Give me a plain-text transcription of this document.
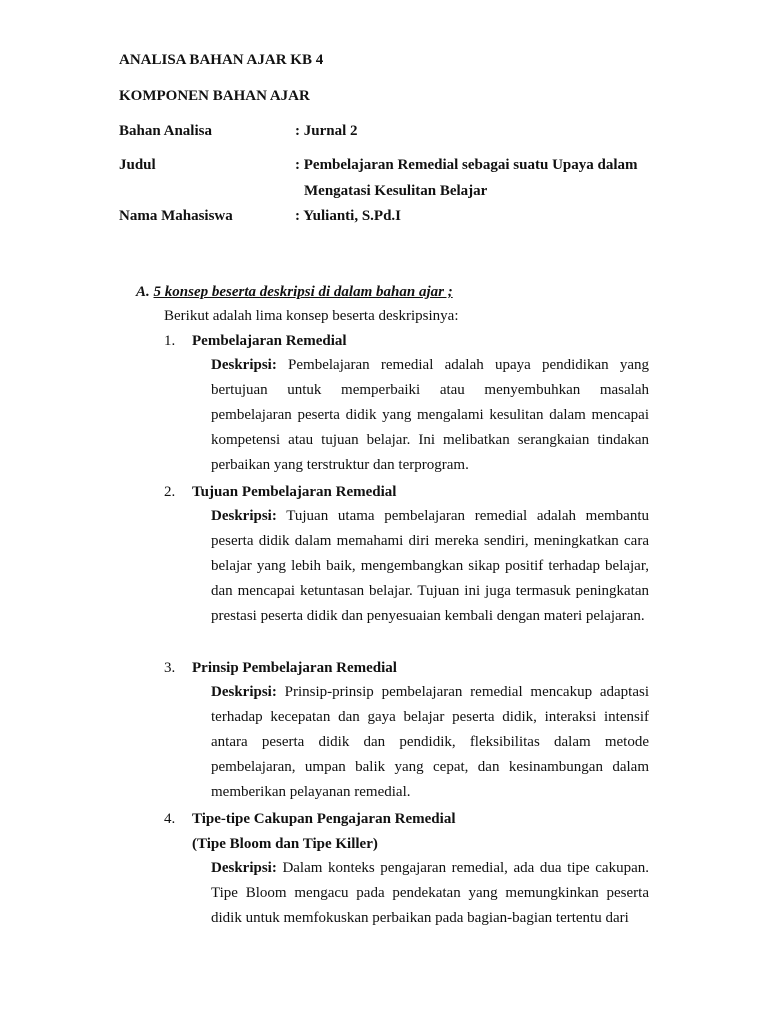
ANALISA BAHAN AJAR KB 4
KOMPONEN BAHAN AJAR
Bahan Analisa	: Jurnal 2
Judul	: Pembelajaran Remedial sebagai suatu Upaya dalam
Mengatasi Kesulitan Belajar
Nama Mahasiswa	: Yulianti, S.Pd.I
A. 5 konsep beserta deskripsi di dalam bahan ajar ;
Berikut adalah lima konsep beserta deskripsinya:
1. Pembelajaran Remedial
Deskripsi: Pembelajaran remedial adalah upaya pendidikan yang bertujuan untuk memperbaiki atau menyembuhkan masalah pembelajaran peserta didik yang mengalami kesulitan dalam mencapai kompetensi atau tujuan belajar. Ini melibatkan serangkaian tindakan perbaikan yang terstruktur dan terprogram.
2. Tujuan Pembelajaran Remedial
Deskripsi: Tujuan utama pembelajaran remedial adalah membantu peserta didik dalam memahami diri mereka sendiri, meningkatkan cara belajar yang lebih baik, mengembangkan sikap positif terhadap belajar, dan mencapai ketuntasan belajar. Tujuan ini juga termasuk peningkatan prestasi peserta didik dan penyesuaian kembali dengan materi pelajaran.
3. Prinsip Pembelajaran Remedial
Deskripsi: Prinsip-prinsip pembelajaran remedial mencakup adaptasi terhadap kecepatan dan gaya belajar peserta didik, interaksi intensif antara peserta didik dan pendidik, fleksibilitas dalam metode pembelajaran, umpan balik yang cepat, dan kesinambungan dalam memberikan pelayanan remedial.
4. Tipe-tipe Cakupan Pengajaran Remedial
(Tipe Bloom dan Tipe Killer)
Deskripsi: Dalam konteks pengajaran remedial, ada dua tipe cakupan. Tipe Bloom mengacu pada pendekatan yang memungkinkan peserta didik untuk memfokuskan perbaikan pada bagian-bagian tertentu dari
